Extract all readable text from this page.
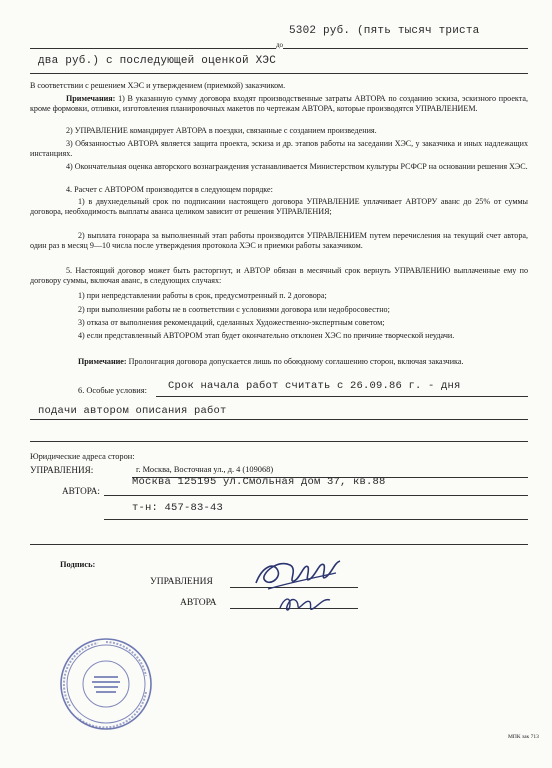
до
5302 руб. (пять тысяч триста
два руб.) с последующей оценкой ХЭС

В соответствии с решением ХЭС и утверждением (приемкой) заказчиком.

Примечания: 1) В указанную сумму договора входят производственные затраты АВТОРА по созданию эскиза, эскизного проекта, кроме формовки, отливки, изготовления планировочных макетов по чертежам АВТОРА, которые производятся УПРАВЛЕНИЕМ.

2) УПРАВЛЕНИЕ командирует АВТОРА в поездки, связанные с созданием произведения.

3) Обязанностью АВТОРА является защита проекта, эскиза и др. этапов работы на заседании ХЭС, у заказчика и иных надлежащих инстанциях.

4) Окончательная оценка авторского вознаграждения устанавливается Министерством культуры РСФСР на основании решения ХЭС.

4. Расчет с АВТОРОМ производится в следующем порядке:

1) в двухнедельный срок по подписании настоящего договора УПРАВЛЕНИЕ уплачивает АВТОРУ аванс до 25% от суммы договора, необходимость выплаты аванса целиком зависит от решения УПРАВЛЕНИЯ;

2) выплата гонорара за выполненный этап работы производится УПРАВЛЕНИЕМ путем перечисления на текущий счет автора, один раз в месяц 9—10 числа после утверждения протокола ХЭС и приемки работы заказчиком.

5. Настоящий договор может быть расторгнут, и АВТОР обязан в месячный срок вернуть УПРАВЛЕНИЮ выплаченные ему по договору суммы, включая аванс, в следующих случаях:

1) при непредставлении работы в срок, предусмотренный п. 2 договора;

2) при выполнении работы не в соответствии с условиями договора или недобросовестно;

3) отказа от выполнения рекомендаций, сделанных Художественно-экспертным советом;

4) если представленный АВТОРОМ этап будет окончательно отклонен ХЭС по причине творческой неудачи.

Примечание: Пролонгация договора допускается лишь по обоюдному соглашению сторон, включая заказчика.

6. Особые условия: Срок начала работ считать с 26.09.86 г. - дня
подачи автором описания работ
Юридические адреса сторон:
УПРАВЛЕНИЯ:	г. Москва, Восточная ул., д. 4 (109068)
АВТОРА:
Москва 125195 ул.Смольная дом 37, кв.88
т-н: 457-83-43
Подпись:
УПРАВЛЕНИЯ
АВТОРА
МПК зак 713
